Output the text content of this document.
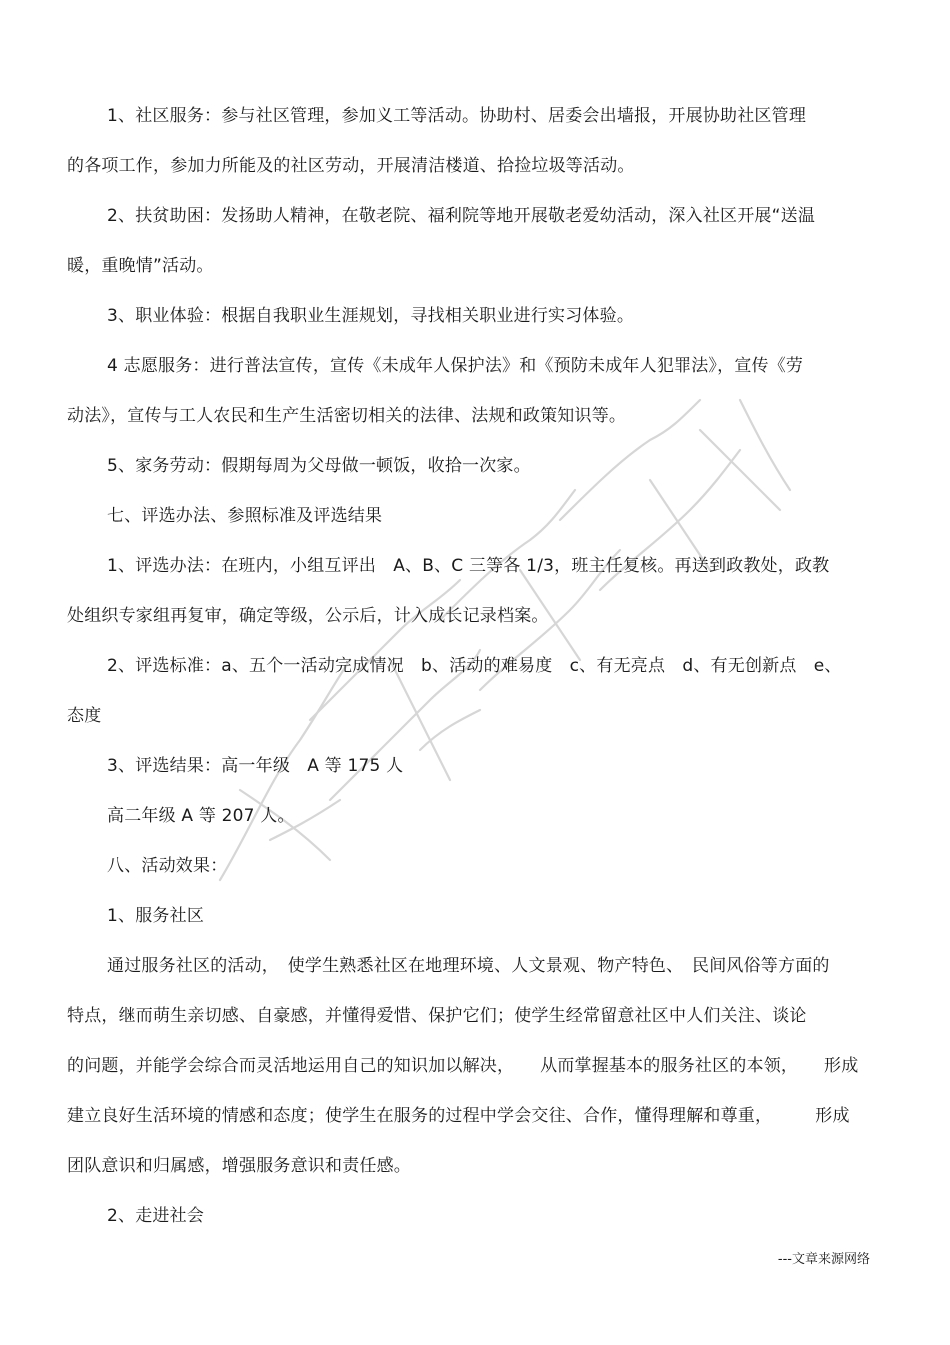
1、社区服务：参与社区管理，参加义工等活动。协助村、居委会出墙报，开展协助社区管理
的各项工作，参加力所能及的社区劳动，开展清洁楼道、拾捡垃圾等活动。
2、扶贫助困：发扬助人精神，在敬老院、福利院等地开展敬老爱幼活动，深入社区开展“送温
暖，重晚情”活动。
3、职业体验：根据自我职业生涯规划，寻找相关职业进行实习体验。
4 志愿服务：进行普法宣传，宣传《未成年人保护法》和《预防未成年人犯罪法》，宣传《劳
动法》，宣传与工人农民和生产生活密切相关的法律、法规和政策知识等。
5、家务劳动：假期每周为父母做一顿饭，收拾一次家。
七、评选办法、参照标准及评选结果
1、评选办法：在班内，小组互评出　A、B、C 三等各 1/3，班主任复核。再送到政教处，政教
处组织专家组再复审，确定等级，公示后，计入成长记录档案。
2、评选标准：a、五个一活动完成情况　b、活动的难易度　c、有无亮点　d、有无创新点　e、
态度
3、评选结果：高一年级　A 等 175 人
高二年级 A 等 207 人。
八、活动效果：
1、服务社区
通过服务社区的活动，　使学生熟悉社区在地理环境、人文景观、物产特色、　民间风俗等方面的
特点，继而萌生亲切感、自豪感，并懂得爱惜、保护它们；使学生经常留意社区中人们关注、谈论
的问题，并能学会综合而灵活地运用自己的知识加以解决，　　从而掌握基本的服务社区的本领，　　形成
建立良好生活环境的情感和态度；使学生在服务的过程中学会交往、合作，懂得理解和尊重，　　　形成
团队意识和归属感，增强服务意识和责任感。
2、走进社会
---文章来源网络
